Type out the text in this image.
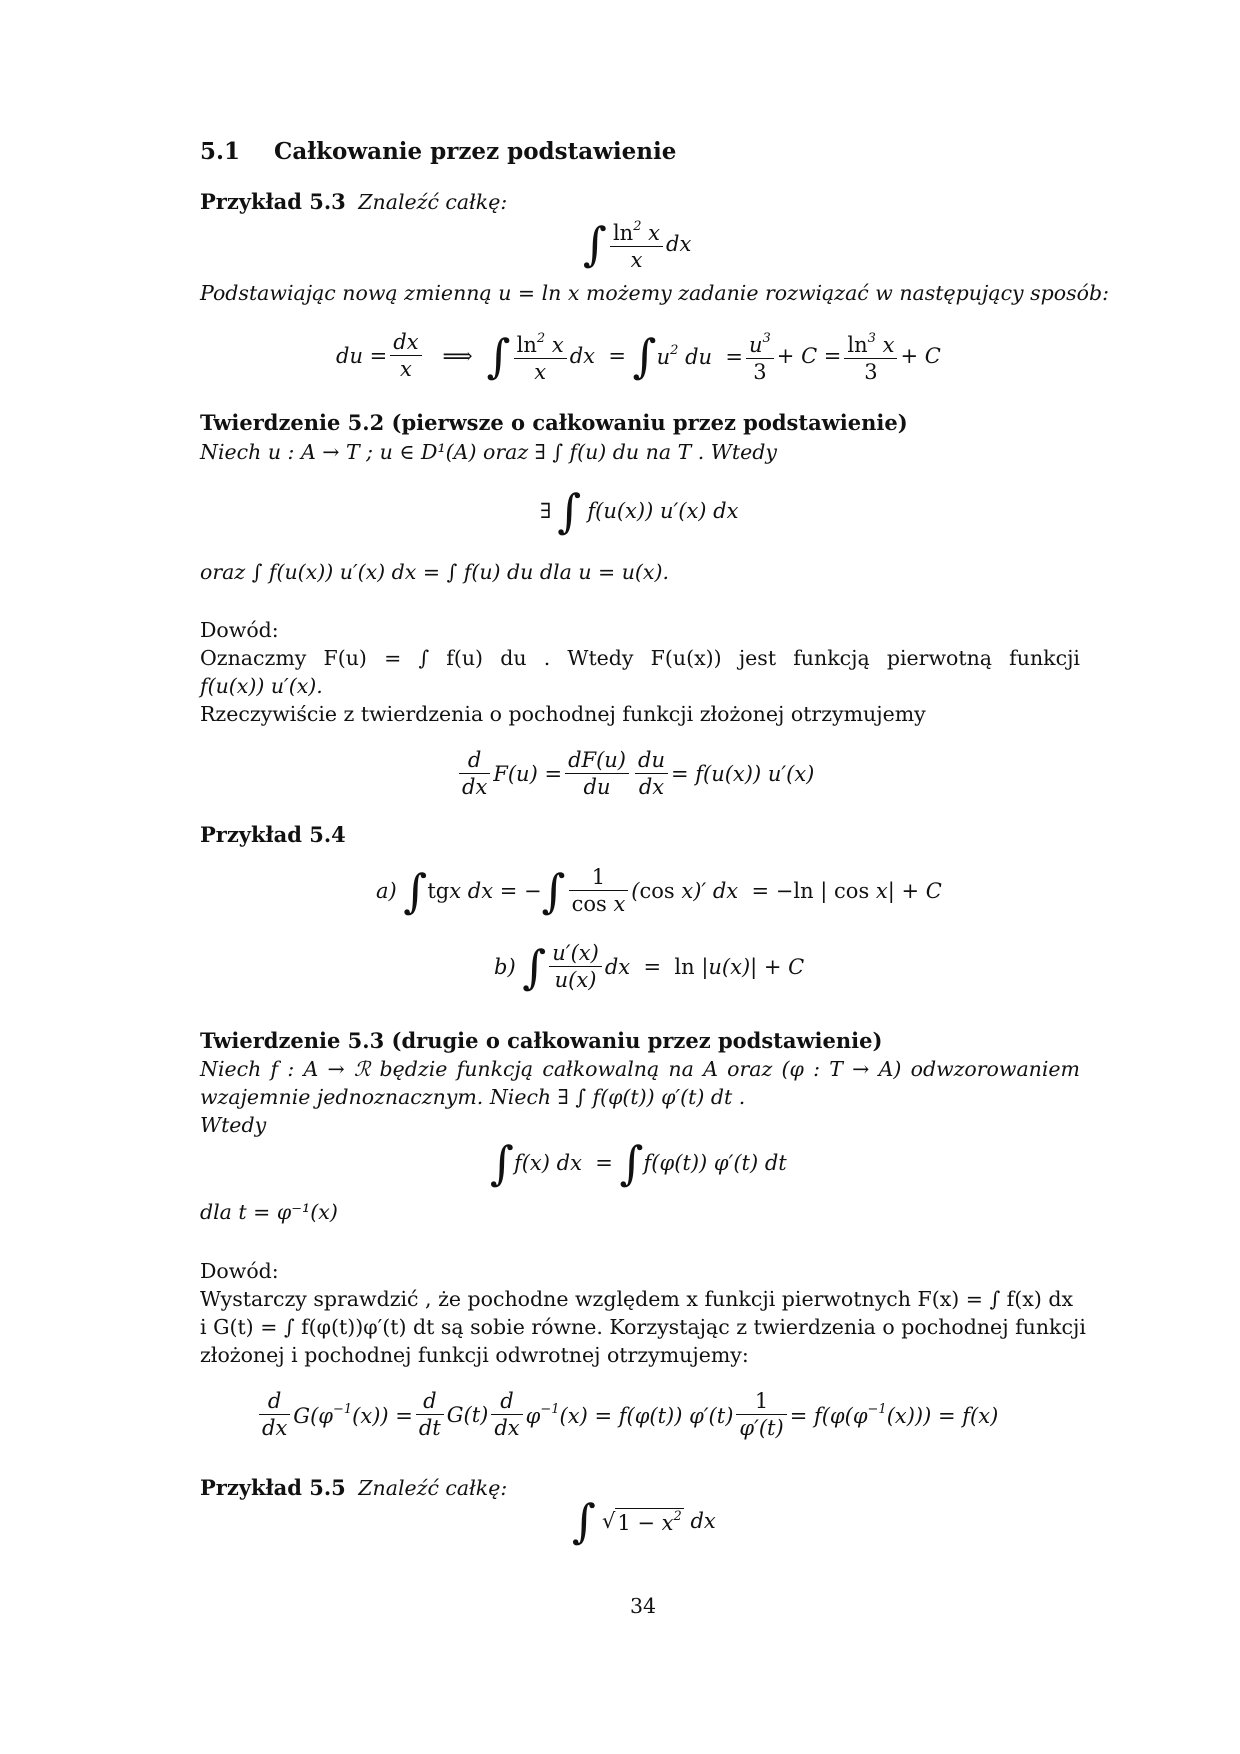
5.1 Całkowanie przez podstawienie
Przykład 5.3 Znaleźć całkę:
∫ $\frac{\ln^2 x}{x}$ dx
Podstawiając nową zmienną u = ln x możemy zadanie rozwiązać w następujący sposób:
du = $\frac{dx}{x}$ ⟹ ∫ $\frac{\ln^2 x}{x}$ dx  = ∫ $u^2$ du  = $\frac{u^3}{3} + C = \frac{\ln^3 x}{3} + C$
Twierdzenie 5.2 (pierwsze o całkowaniu przez podstawienie)
Niech u : A → T ; u ∈ D¹(A) oraz ∃ ∫ f(u) du na T . Wtedy
∃ ∫ f(u(x)) u′(x) dx
oraz ∫ f(u(x)) u′(x) dx = ∫ f(u) du dla u = u(x).
Dowód:
Oznaczmy F(u) = ∫ f(u) du . Wtedy F(u(x)) jest funkcją pierwotną funkcji
f(u(x)) u′(x).
Rzeczywiście z twierdzenia o pochodnej funkcji złożonej otrzymujemy
$\frac{d}{dx} F(u) = \frac{dF(u)}{du} \frac{du}{dx} = f(u(x))$ u′(x)
Przykład 5.4
a) ∫ tgx dx = − ∫ $\frac{1}{\text{cos x}} (\cos$ x)′ dx  = −ln | cos x| + C
b) ∫ $\frac{u'(x)}{u(x)}$ dx  =  ln |u(x)| + C
Twierdzenie 5.3 (drugie o całkowaniu przez podstawienie)
Niech f : A → ℛ będzie funkcją całkowalną na A oraz (φ : T → A) odwzorowaniem
wzajemnie jednoznacznym. Niech ∃ ∫ f(φ(t)) φ′(t) dt .
Wtedy
∫ f(x) dx  = ∫ f(φ(t)) φ′(t) dt
dla t = φ⁻¹(x)
Dowód:
Wystarczy sprawdzić , że pochodne względem x funkcji pierwotnych F(x) = ∫ f(x) dx
i G(t) = ∫ f(φ(t))φ′(t) dt są sobie równe. Korzystając z twierdzenia o pochodnej funkcji
złożonej i pochodnej funkcji odwrotnej otrzymujemy:
$\frac{d}{dx} G(\varphi^{-1}(x)) = \frac{d}{dt} G(t) \frac{d}{dx} \varphi^{-1}(x) = f(\varphi(t))$ $\varphi'(t) \frac{1}{\varphi'(t)} = f(\varphi(\varphi^{-1}(x))) = f(x)$
Przykład 5.5 Znaleźć całkę:
∫ √ $1 - x^2$ dx
34
